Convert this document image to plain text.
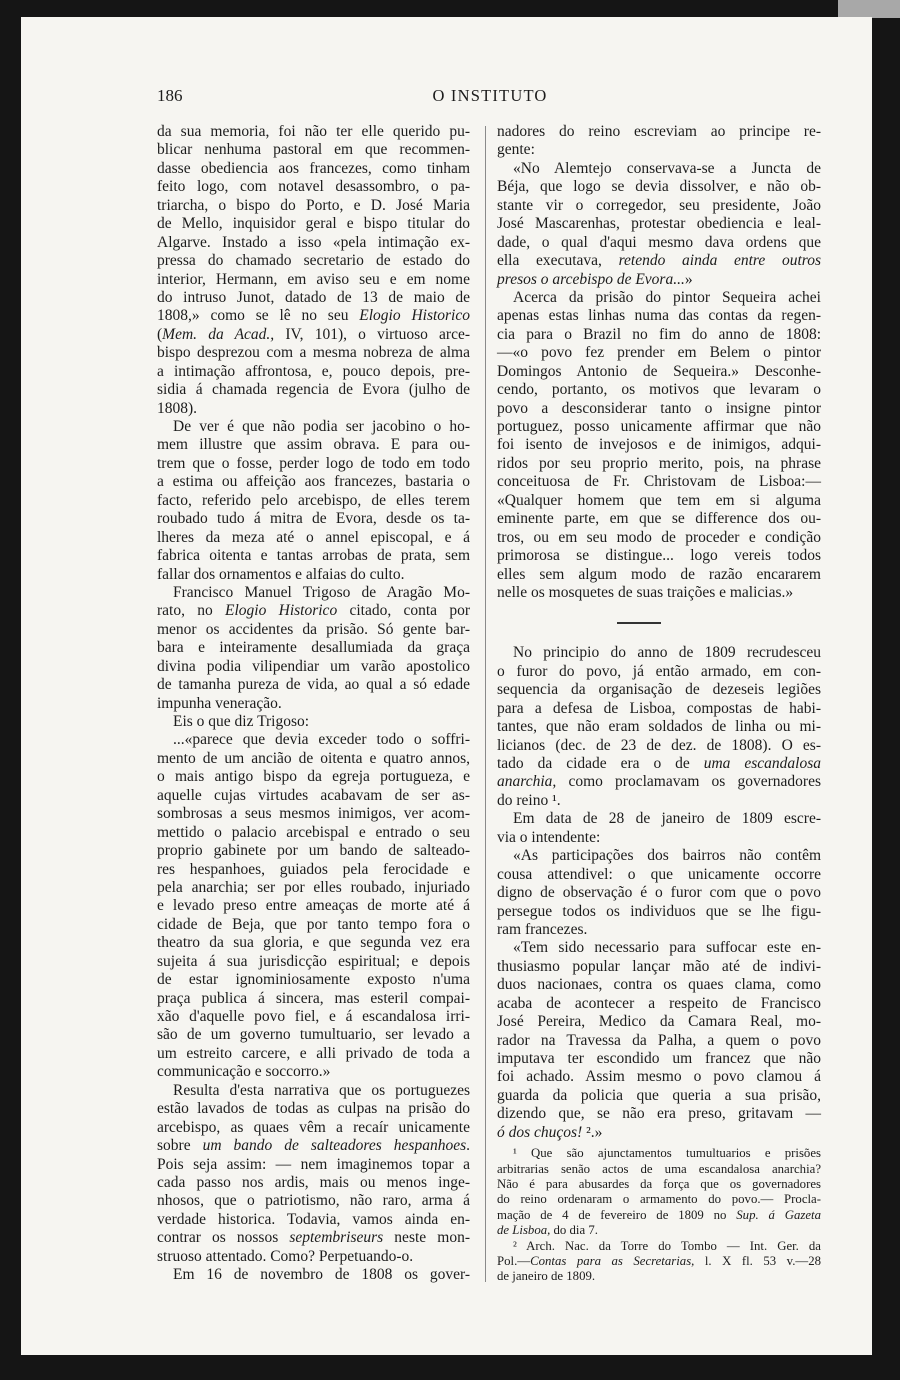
186	O INSTITUTO
da sua memoria, foi não ter elle querido pu-
blicar nenhuma pastoral em que recommen-
dasse obediencia aos francezes, como tinham
feito logo, com notavel desassombro, o pa-
triarcha, o bispo do Porto, e D. José Maria
de Mello, inquisidor geral e bispo titular do
Algarve. Instado a isso «pela intimação ex-
pressa do chamado secretario de estado do
interior, Hermann, em aviso seu e em nome
do intruso Junot, datado de 13 de maio de
1808,» como se lê no seu Elogio Historico
(Mem. da Acad., IV, 101), o virtuoso arce-
bispo desprezou com a mesma nobreza de alma
a intimação affrontosa, e, pouco depois, pre-
sidia á chamada regencia de Evora (julho de
1808).
De ver é que não podia ser jacobino o ho-
mem illustre que assim obrava. E para ou-
trem que o fosse, perder logo de todo em todo
a estima ou affeição aos francezes, bastaria o
facto, referido pelo arcebispo, de elles terem
roubado tudo á mitra de Evora, desde os ta-
lheres da meza até o annel episcopal, e á
fabrica oitenta e tantas arrobas de prata, sem
fallar dos ornamentos e alfaias do culto.
Francisco Manuel Trigoso de Aragão Mo-
rato, no Elogio Historico citado, conta por
menor os accidentes da prisão. Só gente bar-
bara e inteiramente desallumiada da graça
divina podia vilipendiar um varão apostolico
de tamanha pureza de vida, ao qual a só edade
impunha veneração.
Eis o que diz Trigoso:
...«parece que devia exceder todo o soffri-
mento de um ancião de oitenta e quatro annos,
o mais antigo bispo da egreja portugueza, e
aquelle cujas virtudes acabavam de ser as-
sombrosas a seus mesmos inimigos, ver acom-
mettido o palacio arcebispal e entrado o seu
proprio gabinete por um bando de salteado-
res hespanhoes, guiados pela ferocidade e
pela anarchia; ser por elles roubado, injuriado
e levado preso entre ameaças de morte até á
cidade de Beja, que por tanto tempo fora o
theatro da sua gloria, e que segunda vez era
sujeita á sua jurisdicção espiritual; e depois
de estar ignominiosamente exposto n'uma
praça publica á sincera, mas esteril compai-
xão d'aquelle povo fiel, e á escandalosa irri-
são de um governo tumultuario, ser levado a
um estreito carcere, e alli privado de toda a
communicação e soccorro.»
Resulta d'esta narrativa que os portuguezes
estão lavados de todas as culpas na prisão do
arcebispo, as quaes vêm a recaír unicamente
sobre um bando de salteadores hespanhoes.
Pois seja assim: — nem imaginemos topar a
cada passo nos ardis, mais ou menos inge-
nhosos, que o patriotismo, não raro, arma á
verdade historica. Todavia, vamos ainda en-
contrar os nossos septembriseurs neste mon-
struoso attentado. Como? Perpetuando-o.
Em 16 de novembro de 1808 os gover-
nadores do reino escreviam ao principe re-
gente:
«No Alemtejo conservava-se a Juncta de
Béja, que logo se devia dissolver, e não ob-
stante vir o corregedor, seu presidente, João
José Mascarenhas, protestar obediencia e leal-
dade, o qual d'aqui mesmo dava ordens que
ella executava, retendo ainda entre outros
presos o arcebispo de Evora...»
Acerca da prisão do pintor Sequeira achei
apenas estas linhas numa das contas da regen-
cia para o Brazil no fim do anno de 1808:
—«o povo fez prender em Belem o pintor
Domingos Antonio de Sequeira.» Desconhe-
cendo, portanto, os motivos que levaram o
povo a desconsiderar tanto o insigne pintor
portuguez, posso unicamente affirmar que não
foi isento de invejosos e de inimigos, adqui-
ridos por seu proprio merito, pois, na phrase
conceituosa de Fr. Christovam de Lisboa:—
«Qualquer homem que tem em si alguma
eminente parte, em que se difference dos ou-
tros, ou em seu modo de proceder e condição
primorosa se distingue... logo vereis todos
elles sem algum modo de razão encararem
nelle os mosquetes de suas traições e malicias.»
No principio do anno de 1809 recrudesceu
o furor do povo, já então armado, em con-
sequencia da organisação de dezeseis legiões
para a defesa de Lisboa, compostas de habi-
tantes, que não eram soldados de linha ou mi-
licianos (dec. de 23 de dez. de 1808). O es-
tado da cidade era o de uma escandalosa
anarchia, como proclamavam os governadores
do reino ¹.
Em data de 28 de janeiro de 1809 escre-
via o intendente:
«As participações dos bairros não contêm
cousa attendivel: o que unicamente occorre
digno de observação é o furor com que o povo
persegue todos os individuos que se lhe figu-
ram francezes.
«Tem sido necessario para suffocar este en-
thusiasmo popular lançar mão até de indivi-
duos nacionaes, contra os quaes clama, como
acaba de acontecer a respeito de Francisco
José Pereira, Medico da Camara Real, mo-
rador na Travessa da Palha, a quem o povo
imputava ter escondido um francez que não
foi achado. Assim mesmo o povo clamou á
guarda da policia que queria a sua prisão,
dizendo que, se não era preso, gritavam —
ó dos chuços! ².»
¹ Que são ajunctamentos tumultuarios e prisões
arbitrarias senão actos de uma escandalosa anarchia?
Não é para abusardes da força que os governadores
do reino ordenaram o armamento do povo.— Procla-
mação de 4 de fevereiro de 1809 no Sup. á Gazeta
de Lisboa, do dia 7.
² Arch. Nac. da Torre do Tombo — Int. Ger. da
Pol.—Contas para as Secretarias, l. X fl. 53 v.—28
de janeiro de 1809.
